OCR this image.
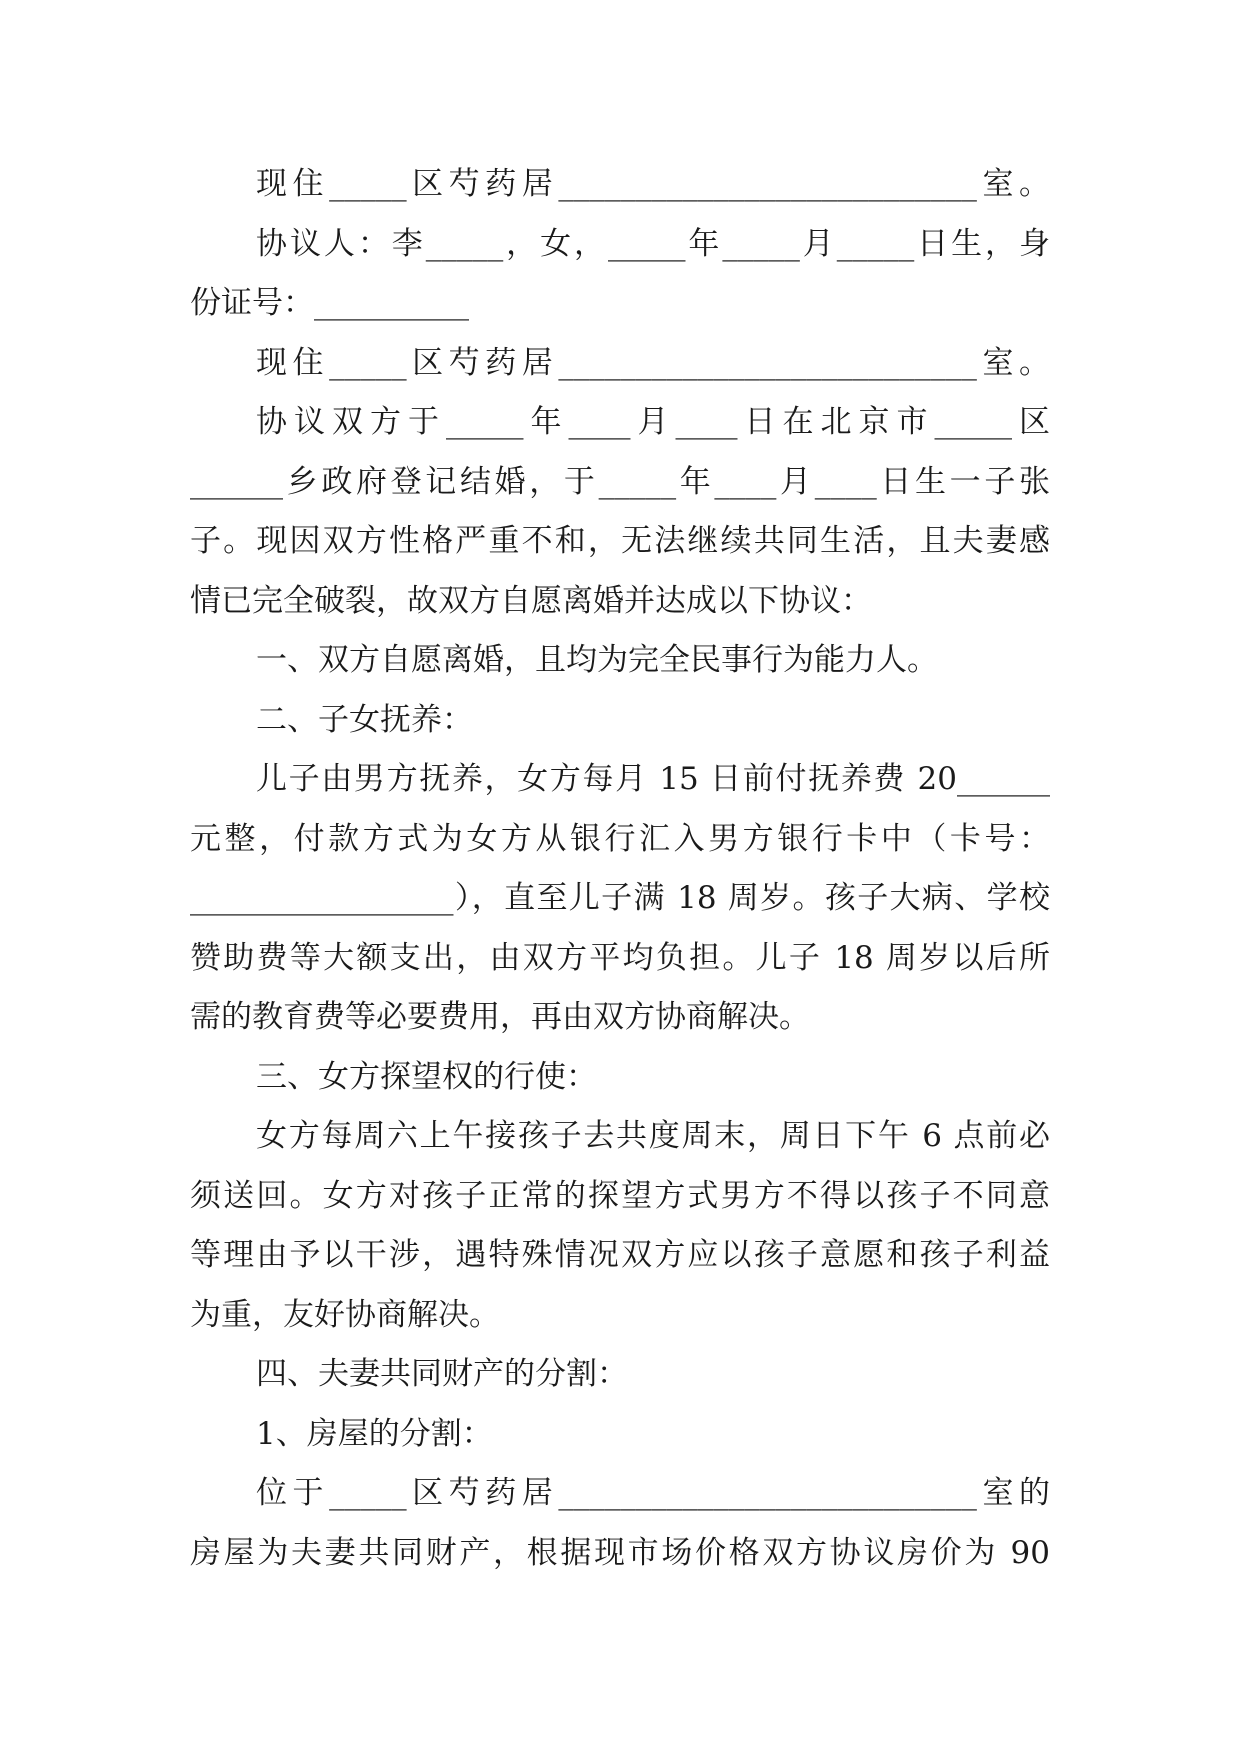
现住_____区芍药居___________________________室。
协议人：李_____，女，_____年_____月_____日生，身
份证号：__________
现住_____区芍药居___________________________室。
协议双方于_____年____月____日在北京市_____区
______乡政府登记结婚，于_____年____月____日生一子张
子。现因双方性格严重不和，无法继续共同生活，且夫妻感
情已完全破裂，故双方自愿离婚并达成以下协议：
一、双方自愿离婚，且均为完全民事行为能力人。
二、子女抚养：
儿子由男方抚养，女方每月 15 日前付抚养费 20______
元整，付款方式为女方从银行汇入男方银行卡中（卡号：
_________________），直至儿子满 18 周岁。孩子大病、学校
赞助费等大额支出，由双方平均负担。儿子 18 周岁以后所
需的教育费等必要费用，再由双方协商解决。
三、女方探望权的行使：
女方每周六上午接孩子去共度周末，周日下午 6 点前必
须送回。女方对孩子正常的探望方式男方不得以孩子不同意
等理由予以干涉，遇特殊情况双方应以孩子意愿和孩子利益
为重，友好协商解决。
四、夫妻共同财产的分割：
1、房屋的分割：
位于_____区芍药居___________________________室的
房屋为夫妻共同财产，根据现市场价格双方协议房价为 90
